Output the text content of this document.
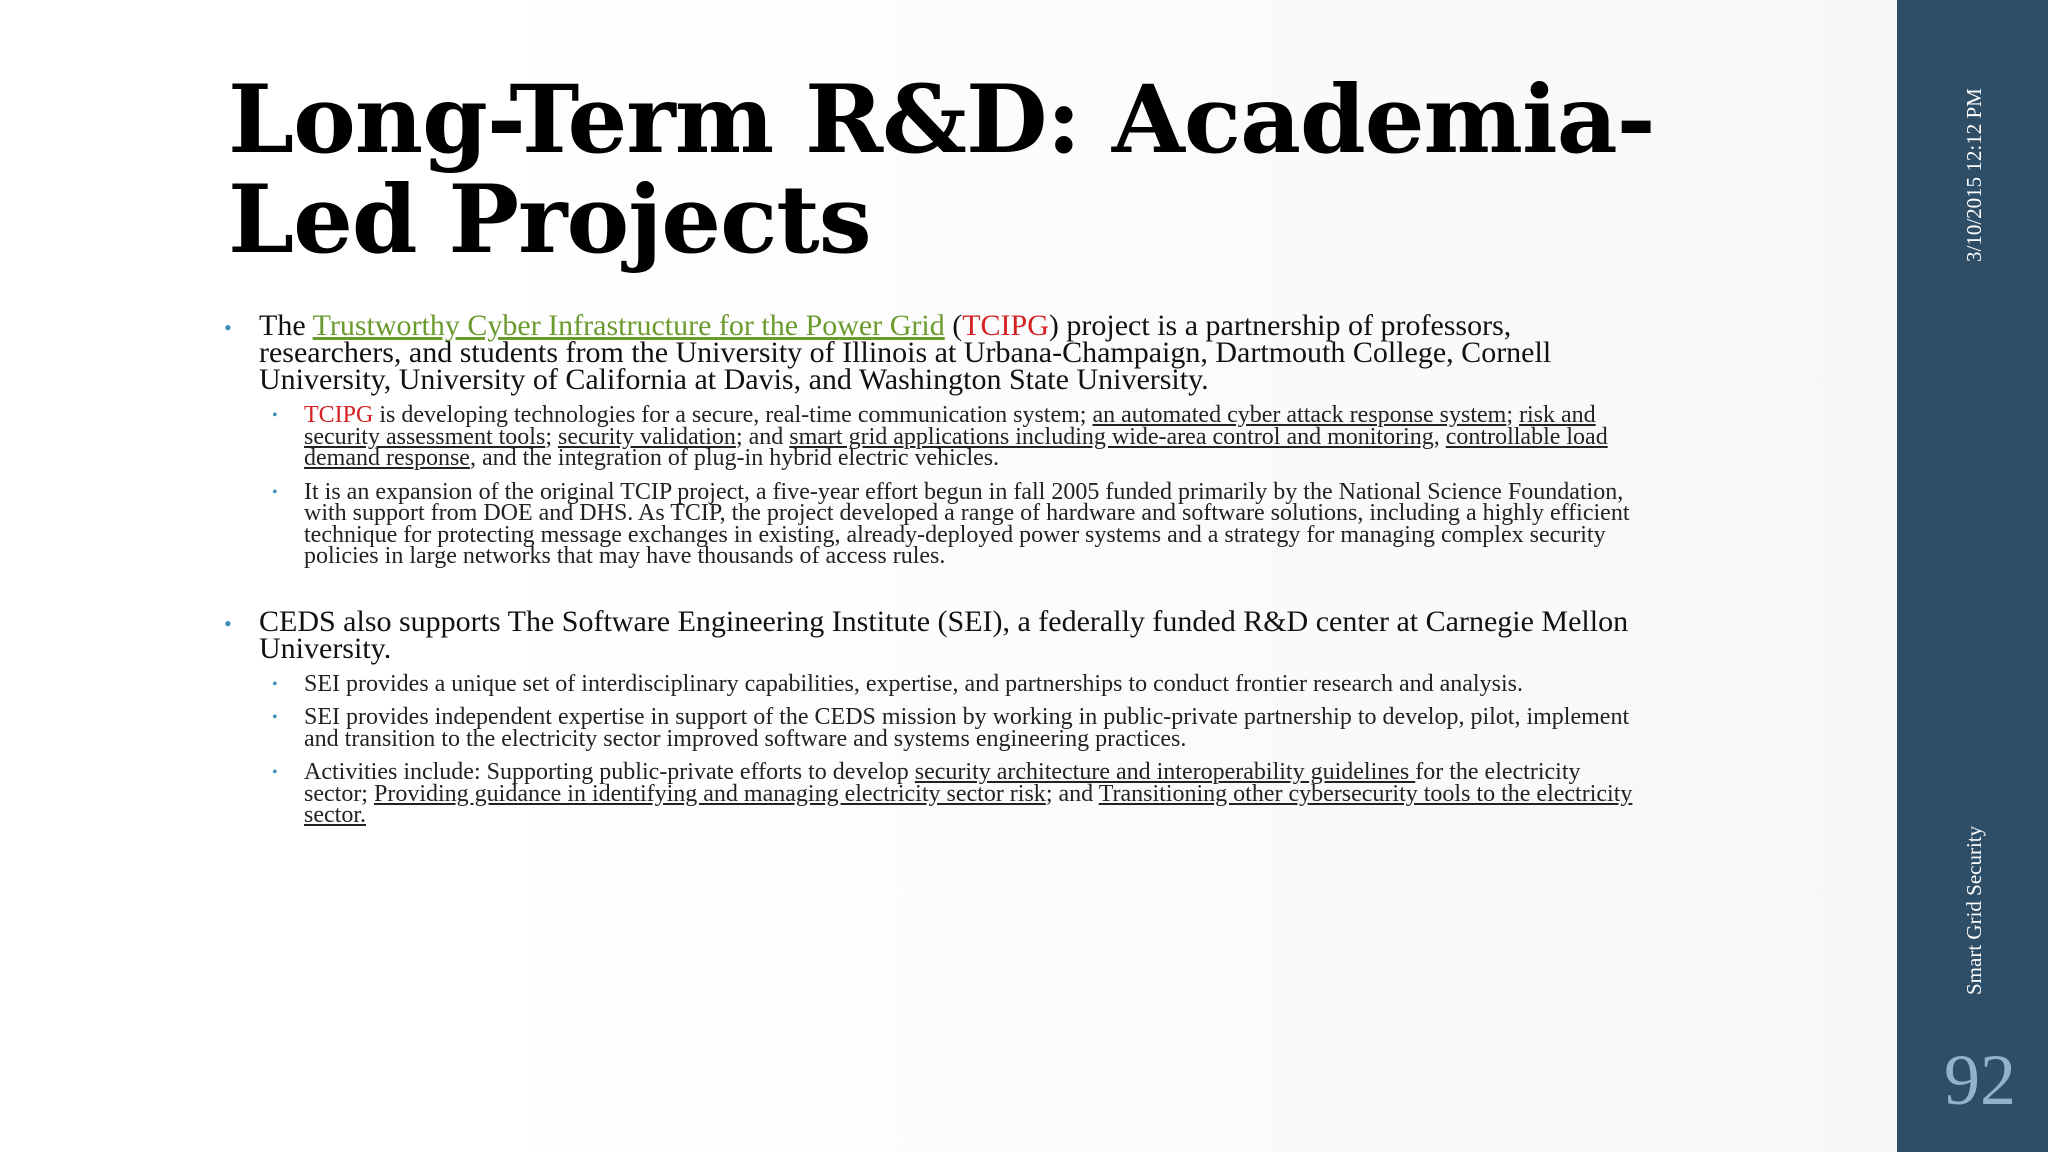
Long-Term R&D: Academia-Led Projects

• The Trustworthy Cyber Infrastructure for the Power Grid (TCIPG) project is a partnership of professors, researchers, and students from the University of Illinois at Urbana-Champaign, Dartmouth College, Cornell University, University of California at Davis, and Washington State University.

• TCIPG is developing technologies for a secure, real-time communication system; an automated cyber attack response system; risk and security assessment tools; security validation; and smart grid applications including wide-area control and monitoring, controllable load demand response, and the integration of plug-in hybrid electric vehicles.

• It is an expansion of the original TCIP project, a five-year effort begun in fall 2005 funded primarily by the National Science Foundation, with support from DOE and DHS. As TCIP, the project developed a range of hardware and software solutions, including a highly efficient technique for protecting message exchanges in existing, already-deployed power systems and a strategy for managing complex security policies in large networks that may have thousands of access rules.

• CEDS also supports The Software Engineering Institute (SEI), a federally funded R&D center at Carnegie Mellon University.

• SEI provides a unique set of interdisciplinary capabilities, expertise, and partnerships to conduct frontier research and analysis.

• SEI provides independent expertise in support of the CEDS mission by working in public-private partnership to develop, pilot, implement and transition to the electricity sector improved software and systems engineering practices.

• Activities include: Supporting public-private efforts to develop security architecture and interoperability guidelines for the electricity sector; Providing guidance in identifying and managing electricity sector risk; and Transitioning other cybersecurity tools to the electricity sector.

3/10/2015 12:12 PM
Smart Grid Security
92
